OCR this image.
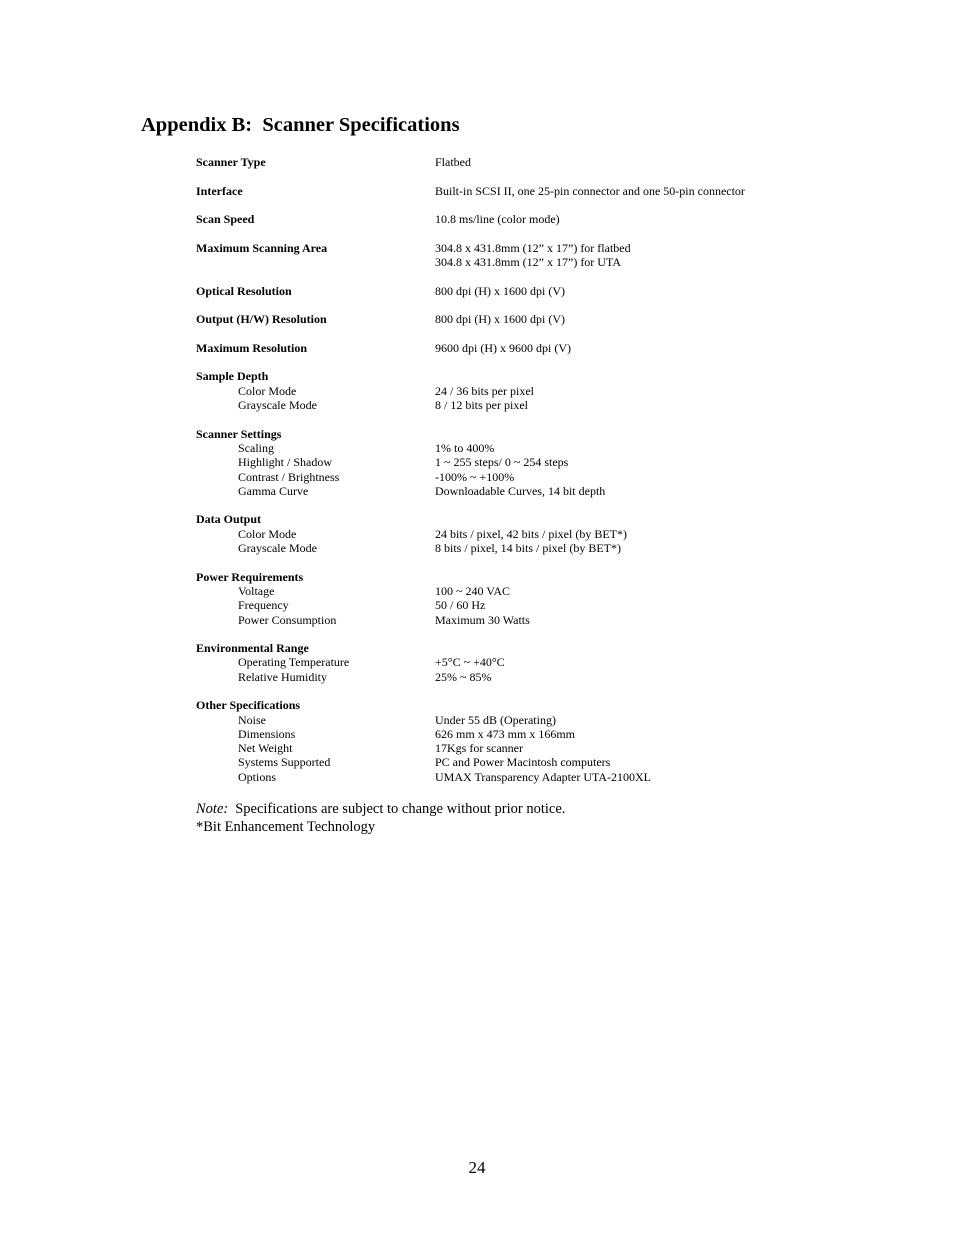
Appendix B:  Scanner Specifications
Scanner Type	Flatbed
Interface	Built-in SCSI II, one 25-pin connector and one 50-pin connector
Scan Speed	10.8 ms/line (color mode)
Maximum Scanning Area	304.8 x 431.8mm (12” x 17”) for flatbed
304.8 x 431.8mm (12” x 17”) for UTA
Optical Resolution	800 dpi (H) x 1600 dpi (V)
Output (H/W) Resolution	800 dpi (H) x 1600 dpi (V)
Maximum Resolution	9600 dpi (H) x 9600 dpi (V)
Sample Depth
Color Mode	24 / 36 bits per pixel
Grayscale Mode	8 / 12 bits per pixel
Scanner Settings
Scaling	1% to 400%
Highlight / Shadow	1 ~ 255 steps/ 0 ~ 254 steps
Contrast / Brightness	-100% ~ +100%
Gamma Curve	Downloadable Curves, 14 bit depth
Data Output
Color Mode	24 bits / pixel, 42 bits / pixel (by BET*)
Grayscale Mode	8 bits / pixel, 14 bits / pixel (by BET*)
Power Requirements
Voltage	100 ~ 240 VAC
Frequency	50 / 60 Hz
Power Consumption	Maximum 30 Watts
Environmental Range
Operating Temperature	+5°C ~ +40°C
Relative Humidity	25% ~ 85%
Other Specifications
Noise	Under 55 dB (Operating)
Dimensions	626 mm x 473 mm x 166mm
Net Weight	17Kgs for scanner
Systems Supported	PC and Power Macintosh computers
Options	UMAX Transparency Adapter UTA-2100XL
Note: Specifications are subject to change without prior notice.
*Bit Enhancement Technology
24
